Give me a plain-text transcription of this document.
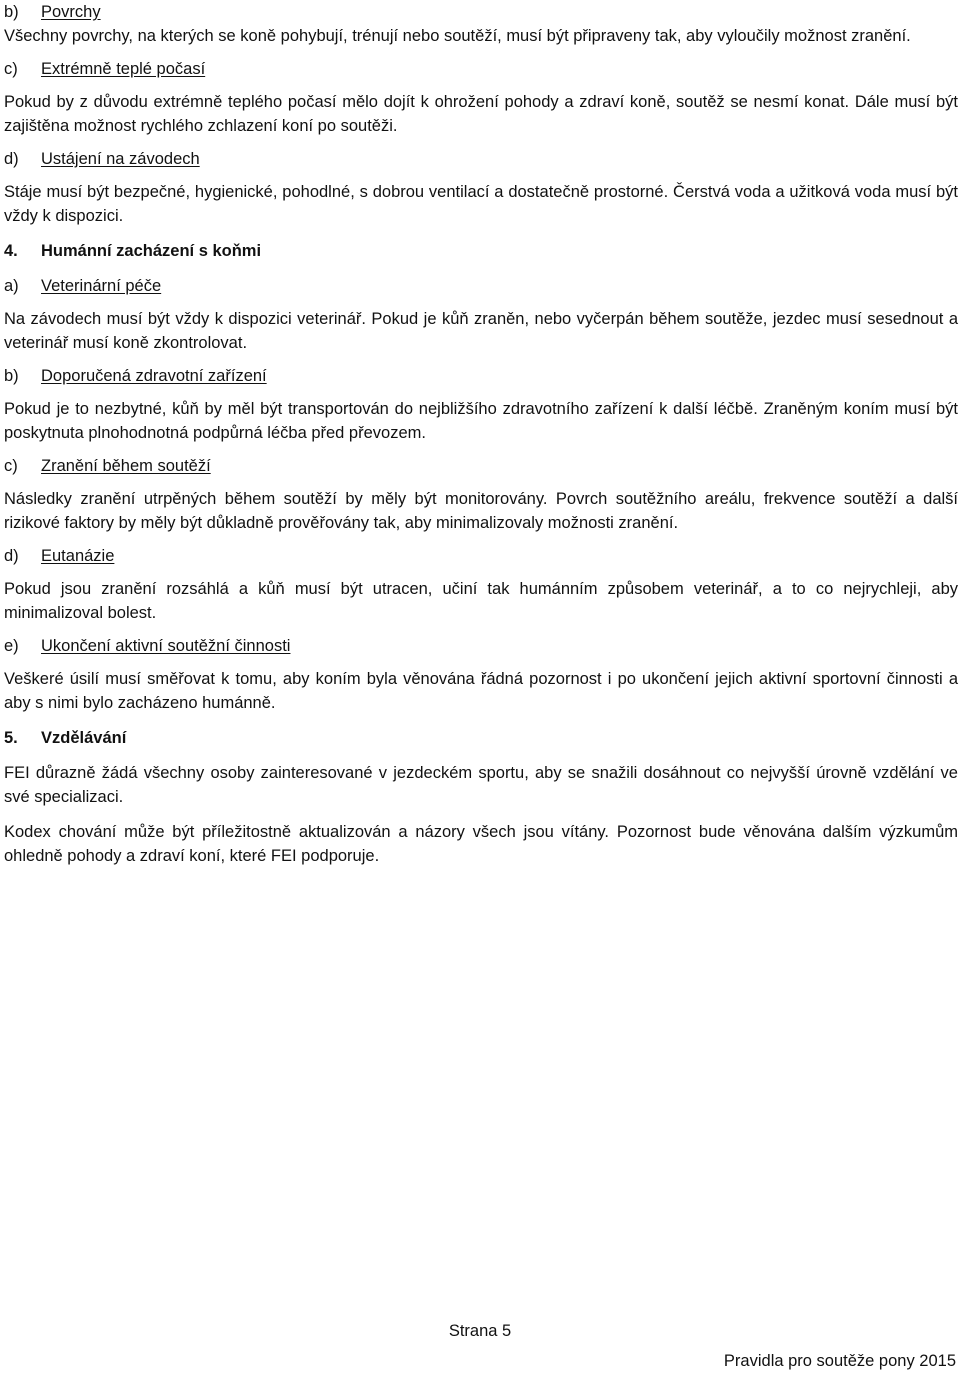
b)	Povrchy

Všechny povrchy, na kterých se koně pohybují, trénují nebo soutěží, musí být připraveny tak, aby vyloučily možnost zranění.

c)	Extrémně teplé počasí

Pokud by z důvodu extrémně teplého počasí mělo dojít k ohrožení pohody a zdraví koně, soutěž se nesmí konat. Dále musí být zajištěna možnost rychlého zchlazení koní po soutěži.

d)	Ustájení na závodech

Stáje musí být bezpečné, hygienické, pohodlné, s dobrou ventilací a dostatečně prostorné. Čerstvá voda a užitková voda musí být vždy k dispozici.

4.	Humánní zacházení s koňmi
a)	Veterinární péče

Na závodech musí být vždy k dispozici veterinář. Pokud je kůň zraněn, nebo vyčerpán během soutěže, jezdec musí sesednout a veterinář musí koně zkontrolovat.

b)	Doporučená zdravotní zařízení

Pokud je to nezbytné, kůň by měl být transportován do nejbližšího zdravotního zařízení k další léčbě. Zraněným koním musí být poskytnuta plnohodnotná podpůrná léčba před převozem.

c)	Zranění během soutěží

Následky zranění utrpěných během soutěží by měly být monitorovány. Povrch soutěžního areálu, frekvence soutěží a další rizikové faktory by měly být důkladně prověřovány tak, aby minimalizovaly možnosti zranění.

d)	Eutanázie

Pokud jsou zranění rozsáhlá a kůň musí být utracen, učiní tak humánním způsobem veterinář, a to co nejrychleji, aby minimalizoval bolest.

e)	Ukončení aktivní soutěžní činnosti

Veškeré úsilí musí směřovat k tomu, aby koním byla věnována řádná pozornost i po ukončení jejich aktivní sportovní činnosti a aby s nimi bylo zacházeno humánně.

5.	Vzdělávání

FEI důrazně žádá všechny osoby zainteresované v jezdeckém sportu, aby se snažili dosáhnout co nejvyšší úrovně vzdělání ve své specializaci.

Kodex chování může být příležitostně aktualizován a názory všech jsou vítány. Pozornost bude věnována dalším výzkumům ohledně pohody a zdraví koní, které FEI podporuje.

Strana 5
Pravidla pro soutěže pony 2015
